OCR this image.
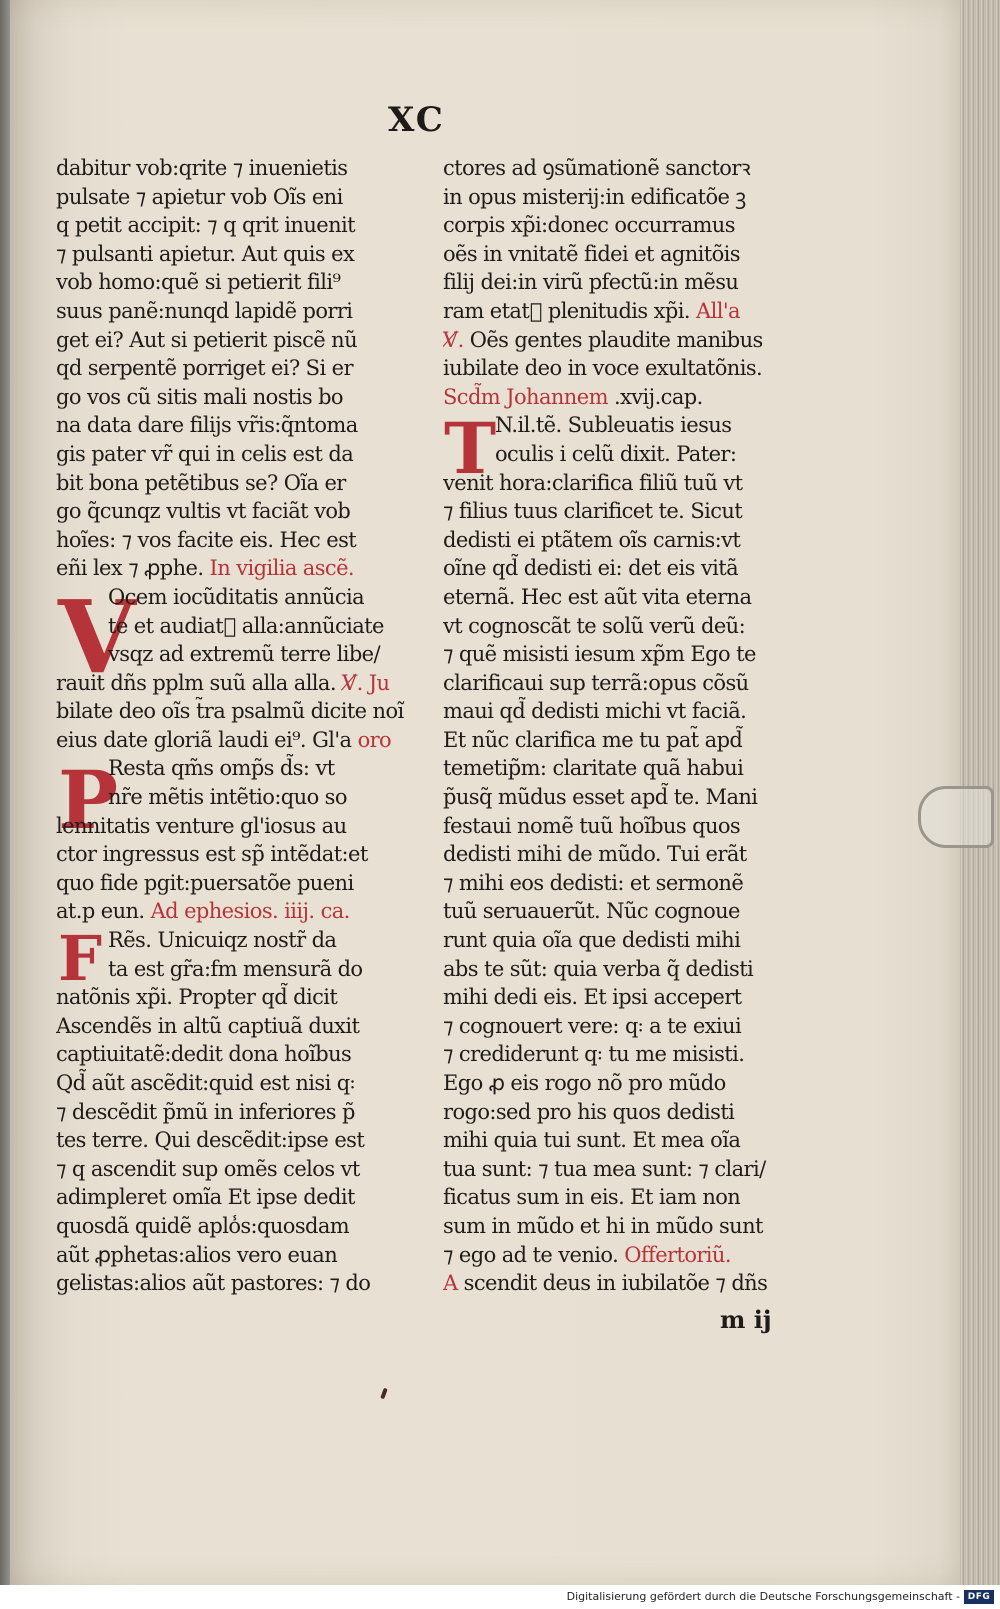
XC
V
P
F
T
dabitur vob:qrite ⁊ inuenietis
pulsate ⁊ apietur vob Oĩs eni
q petit accipit: ⁊ q qrit inuenit
⁊ pulsanti apietur. Aut quis ex
vob homo:quẽ si petierit fili⁹
suus panẽ:nunqd lapidẽ porri
get ei? Aut si petierit piscẽ nũ
qd serpentẽ porriget ei? Si er
go vos cũ sitis mali nostis bo
na data dare filijs vr̃is:q̃ntoma
gis pater vr̃ qui in celis est da
bit bona petẽtibus se? Oĩa er
go q̃cunqz vultis vt faciãt vob
hoĩes: ⁊ vos facite eis. Hec est
eñi lex ⁊ ꝓphe. In vigilia ascẽ.
Ocem iocũditatis annũcia
te et audiat᷑ alla:annũciate
vsqz ad extremũ terre libe/
rauit dñs pplm suũ alla alla. V̸. Ju
bilate deo oĩs t̃ra psalmũ dicite noĩ
eius date gloriã laudi ei⁹. Gl'a oro
Resta qm̃s omp̃s d̃s: vt
nr̃e mẽtis intẽtio:quo so
lennitatis venture gl'iosus au
ctor ingressus est sp̃ intẽdat:et
quo fide pgit:puersatõe pueni
at.p eun. Ad ephesios. iiij. ca.
Rẽs. Unicuiqz nostr̃ da
ta est gr̃a:fm mensurã do
natõnis xp̃i. Propter qd̃ dicit
Ascendẽs in altũ captiuã duxit
captiuitatẽ:dedit dona hoĩbus
Qd̃ aũt ascẽdit:quid est nisi q꞉
⁊ descẽdit p̃mũ in inferiores p̃
tes terre. Qui descẽdit:ipse est
⁊ q ascendit sup omẽs celos vt
adimpleret omĩa Et ipse dedit
quosdã quidẽ aplo̾s:quosdam
aũt ꝓphetas:alios vero euan
gelistas:alios aũt pastores: ⁊ do
ctores ad ꝯsũmationẽ sanctorꝛ
in opus misterij:in edificatõe ꝫ
corpis xp̃i:donec occurramus
oẽs in vnitatẽ fidei et agnitõis
filij dei:in virũ pfectũ:in mẽsu
ram etat᷑ plenitudis xp̃i. All'a
V̸. Oẽs gentes plaudite manibus
iubilate deo in voce exultatõnis.
Scd̃m Johannem .xvij.cap.
N.il.tẽ. Subleuatis iesus
oculis i celũ dixit. Pater:
venit hora:clarifica filiũ tuũ vt
⁊ filius tuus clarificet te. Sicut
dedisti ei ptãtem oĩs carnis:vt
oĩne qd̃ dedisti ei: det eis vitã
eternã. Hec est aũt vita eterna
vt cognoscãt te solũ verũ deũ:
⁊ quẽ misisti iesum xp̃m Ego te
clarificaui sup terrã:opus cõsũ
maui qd̃ dedisti michi vt faciã.
Et nũc clarifica me tu pat̃ apd̃
temetip̃m: claritate quã habui
p̃usq̃ mũdus esset apd̃ te. Mani
festaui nomẽ tuũ hoĩbus quos
dedisti mihi de mũdo. Tui erãt
⁊ mihi eos dedisti: et sermonẽ
tuũ seruauerũt. Nũc cognoue
runt quia oĩa que dedisti mihi
abs te sũt: quia verba q̃ dedisti
mihi dedi eis. Et ipsi accepert
⁊ cognouert vere: q꞉ a te exiui
⁊ crediderunt q꞉ tu me misisti.
Ego ꝓ eis rogo nõ pro mũdo
rogo:sed pro his quos dedisti
mihi quia tui sunt. Et mea oĩa
tua sunt: ⁊ tua mea sunt: ⁊ clari/
ficatus sum in eis. Et iam non
sum in mũdo et hi in mũdo sunt
⁊ ego ad te venio. Offertoriũ.
A scendit deus in iubilatõe ⁊ dñs
m ij
Digitalisierung gefördert durch die Deutsche Forschungsgemeinschaft - DFG
